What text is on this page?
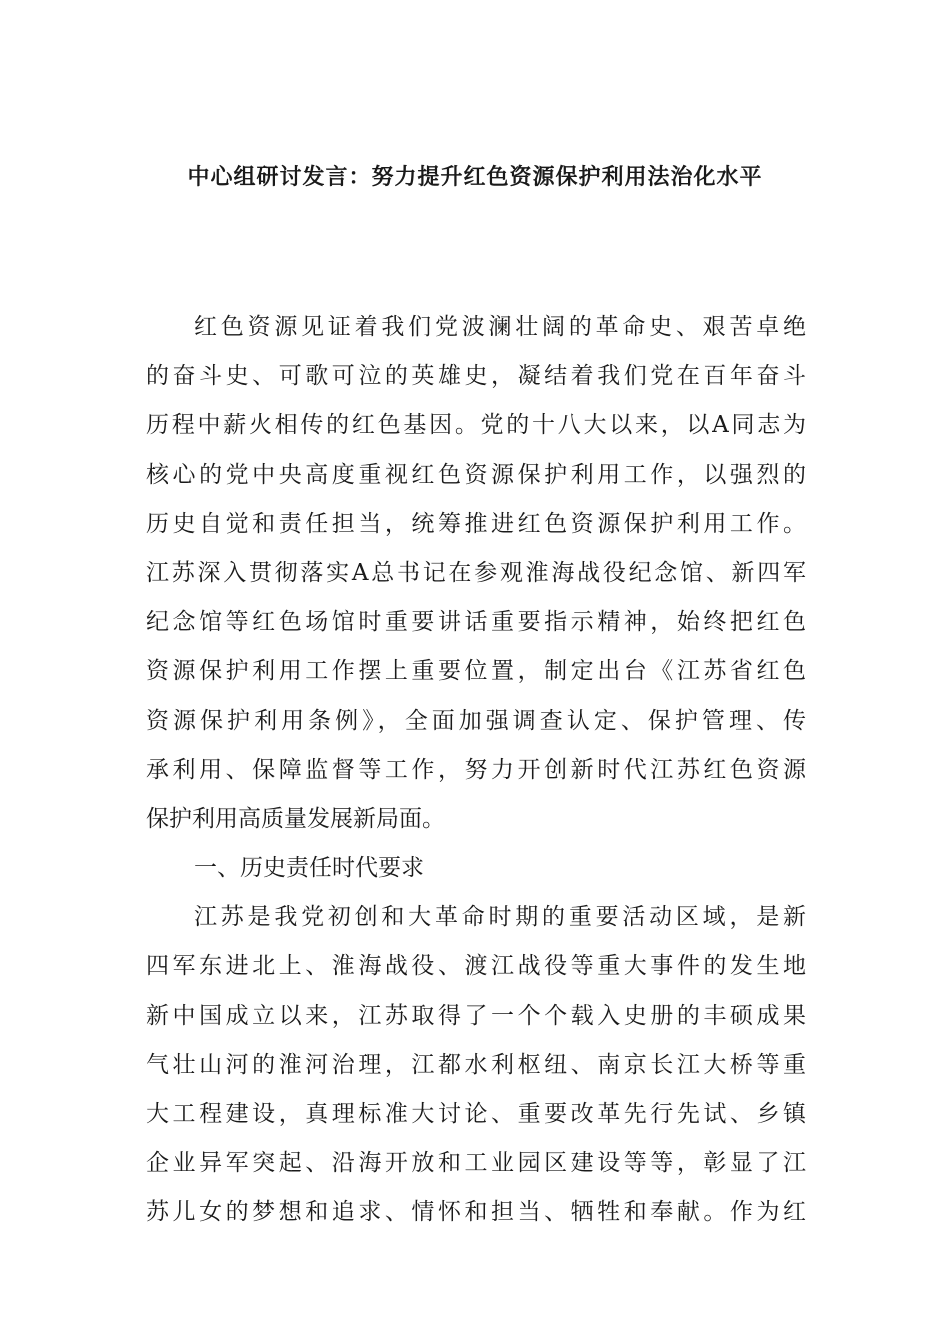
中心组研讨发言：努力提升红色资源保护利用法治化水平
红色资源见证着我们党波澜壮阔的革命史、艰苦卓绝
的奋斗史、可歌可泣的英雄史，凝结着我们党在百年奋斗
历程中薪火相传的红色基因。党的十八大以来，以A同志为
核心的党中央高度重视红色资源保护利用工作，以强烈的
历史自觉和责任担当，统筹推进红色资源保护利用工作。
江苏深入贯彻落实A总书记在参观淮海战役纪念馆、新四军
纪念馆等红色场馆时重要讲话重要指示精神，始终把红色
资源保护利用工作摆上重要位置，制定出台《江苏省红色
资源保护利用条例》，全面加强调查认定、保护管理、传
承利用、保障监督等工作，努力开创新时代江苏红色资源
保护利用高质量发展新局面。
一、历史责任时代要求
江苏是我党初创和大革命时期的重要活动区域，是新
四军东进北上、淮海战役、渡江战役等重大事件的发生地
新中国成立以来，江苏取得了一个个载入史册的丰硕成果
气壮山河的淮河治理，江都水利枢纽、南京长江大桥等重
大工程建设，真理标准大讨论、重要改革先行先试、乡镇
企业异军突起、沿海开放和工业园区建设等等，彰显了江
苏儿女的梦想和追求、情怀和担当、牺牲和奉献。作为红
